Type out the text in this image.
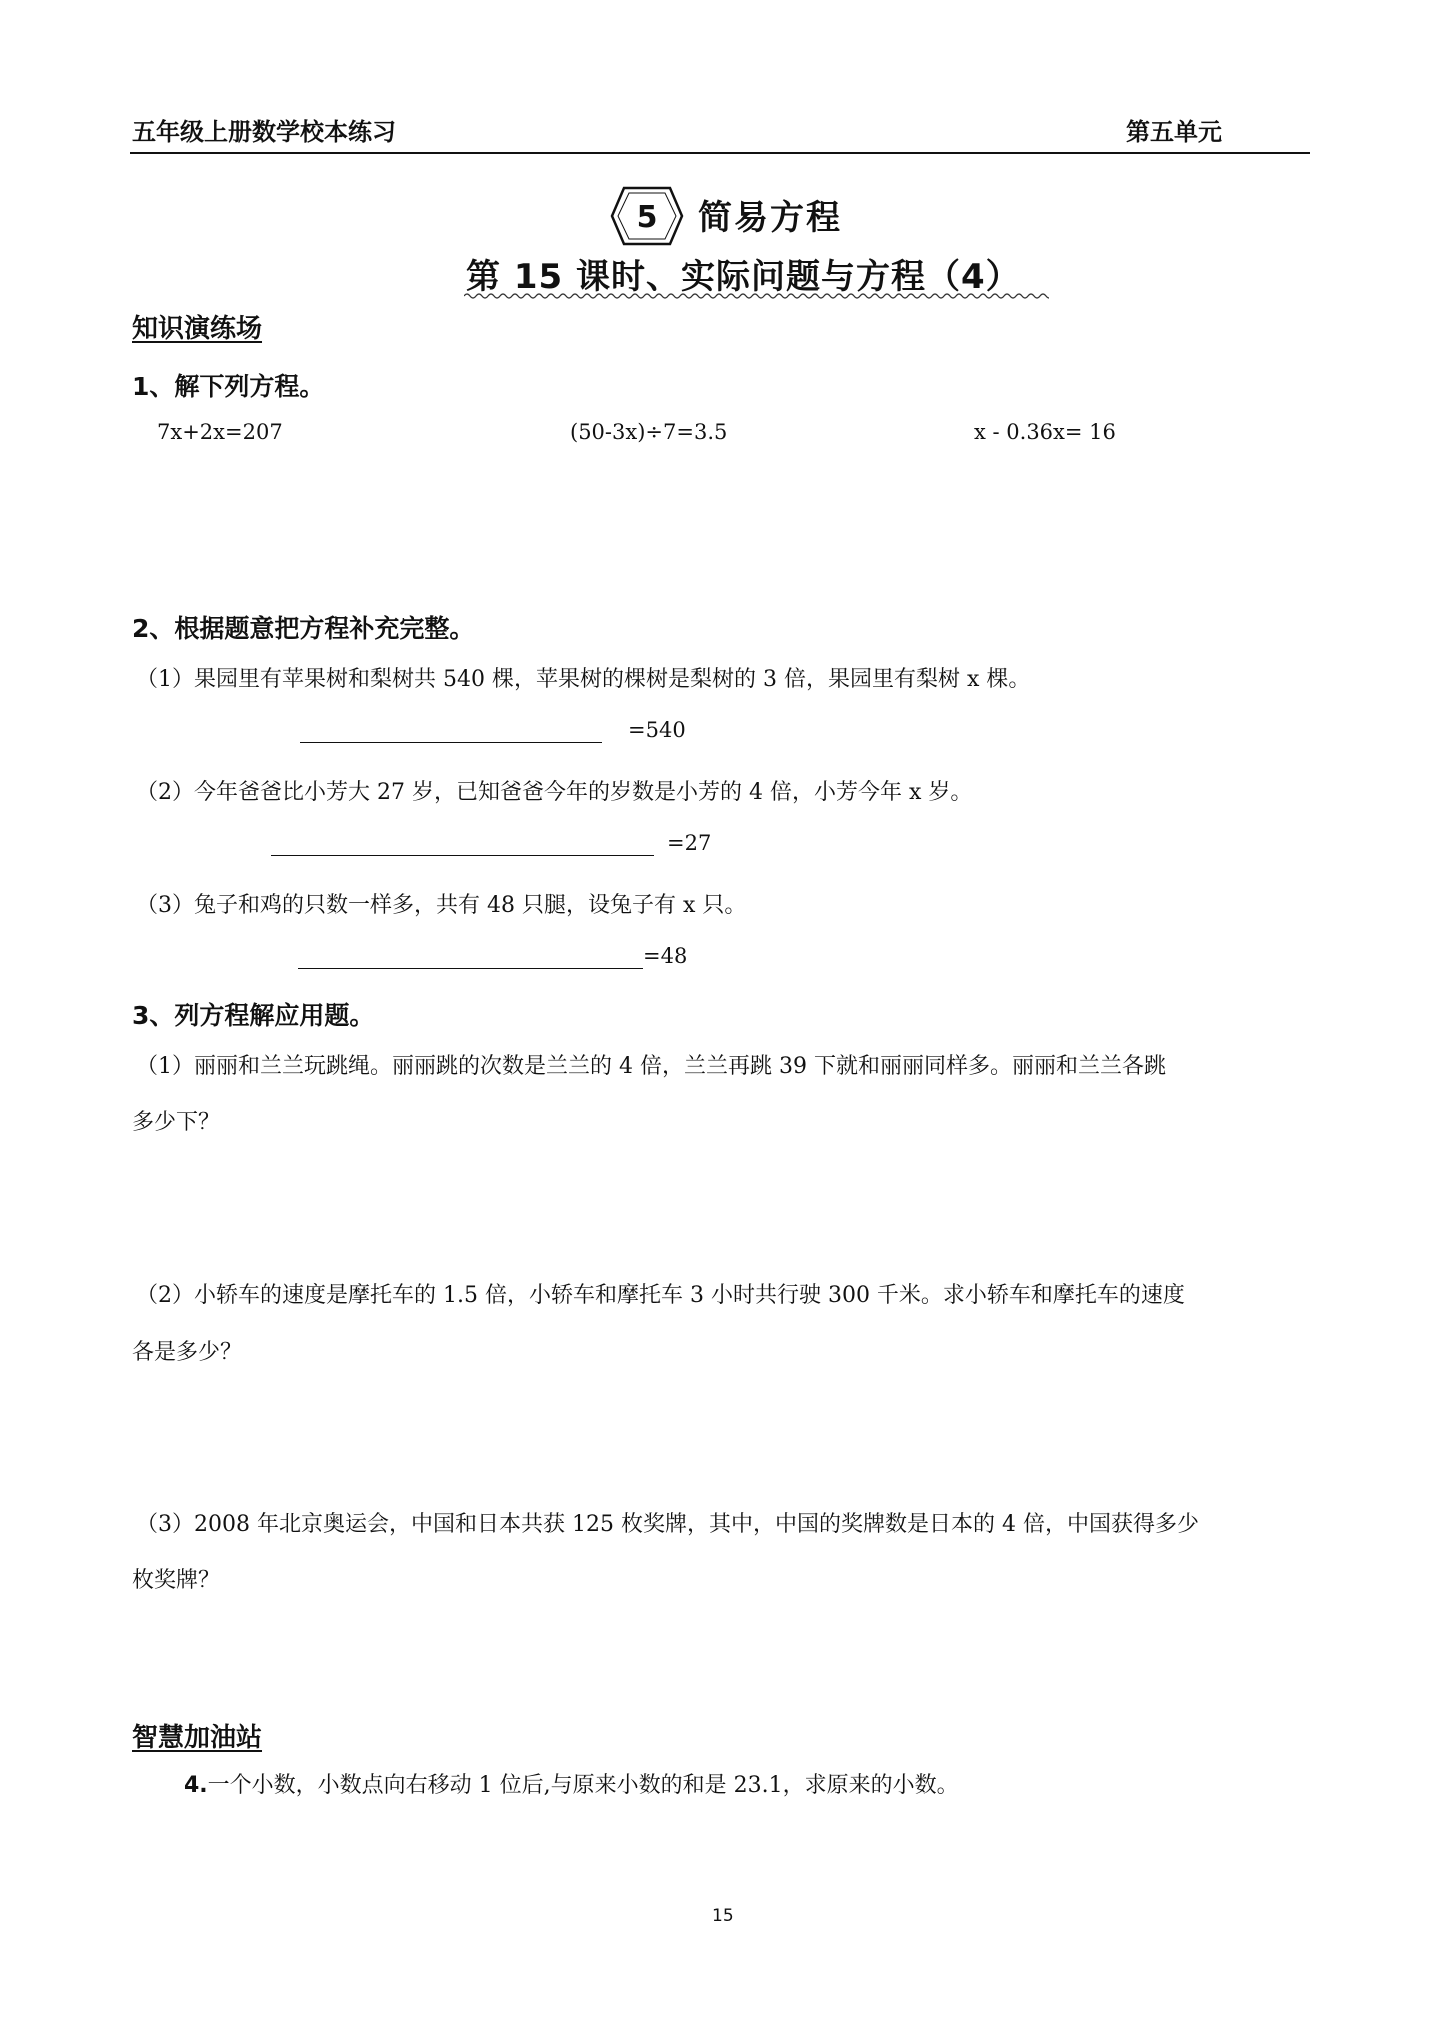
五年级上册数学校本练习	第五单元
5 简易方程
第 15 课时、实际问题与方程（4）
知识演练场
1、解下列方程。
7x+2x=207	(50-3x)÷7=3.5	x - 0.36x= 16
2、根据题意把方程补充完整。
（1）果园里有苹果树和梨树共 540 棵，苹果树的棵树是梨树的 3 倍，果园里有梨树 x 棵。
=540
（2）今年爸爸比小芳大 27 岁，已知爸爸今年的岁数是小芳的 4 倍，小芳今年 x 岁。
=27
（3）兔子和鸡的只数一样多，共有 48 只腿，设兔子有 x 只。
=48
3、列方程解应用题。
（1）丽丽和兰兰玩跳绳。丽丽跳的次数是兰兰的 4 倍，兰兰再跳 39 下就和丽丽同样多。丽丽和兰兰各跳
多少下？
（2）小轿车的速度是摩托车的 1.5 倍，小轿车和摩托车 3 小时共行驶 300 千米。求小轿车和摩托车的速度
各是多少？
（3）2008 年北京奥运会，中国和日本共获 125 枚奖牌，其中，中国的奖牌数是日本的 4 倍，中国获得多少
枚奖牌？
智慧加油站
4.一个小数，小数点向右移动 1 位后,与原来小数的和是 23.1，求原来的小数。
15
